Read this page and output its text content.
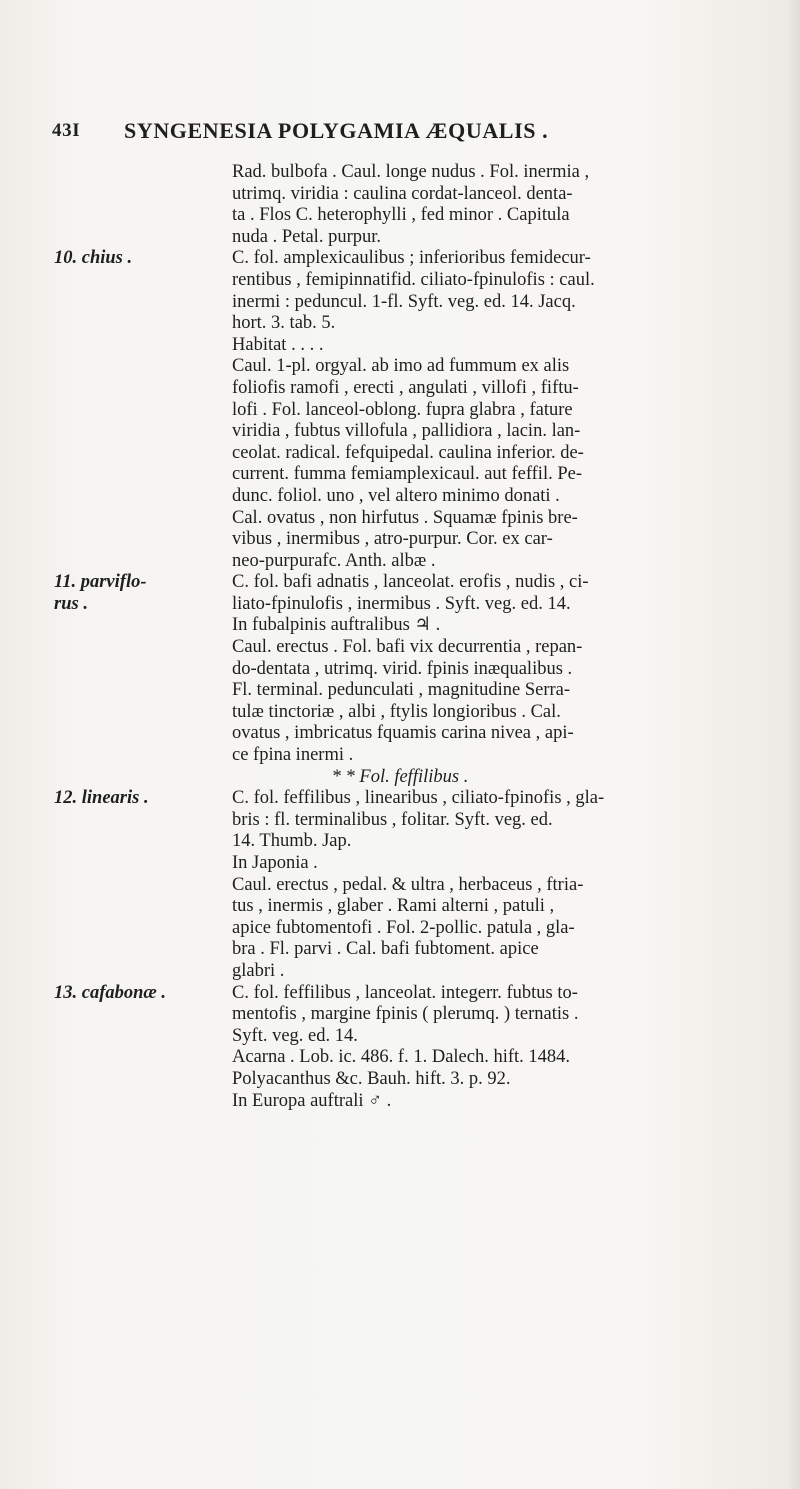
43I SYNGENESIA POLYGAMIA ÆQUALIS .
Rad. bulbofa . Caul. longe nudus . Fol. inermia ,
utrimq. viridia : caulina cordat-lanceol. denta-
ta . Flos C. heterophylli , fed minor . Capitula
nuda . Petal. purpur.
10. chius .	C. fol. amplexicaulibus ; inferioribus femidecur-
rentibus , femipinnatifid. ciliato-fpinulofis : caul.
inermi : peduncul. 1-fl. Syft. veg. ed. 14. Jacq.
hort. 3. tab. 5.
Habitat . . . .
Caul. 1-pl. orgyal. ab imo ad fummum ex alis
foliofis ramofi , erecti , angulati , villofi , fiftu-
lofi . Fol. lanceol-oblong. fupra glabra , fature
viridia , fubtus villofula , pallidiora , lacin. lan-
ceolat. radical. fefquipedal. caulina inferior. de-
current. fumma femiamplexicaul. aut feffil. Pe-
dunc. foliol. uno , vel altero minimo donati .
Cal. ovatus , non hirfutus . Squamæ fpinis bre-
vibus , inermibus , atro-purpur. Cor. ex car-
neo-purpurafc. Anth. albæ .
11. parviflo-	C. fol. bafi adnatis , lanceolat. erofis , nudis , ci-
rus .	liato-fpinulofis , inermibus . Syft. veg. ed. 14.
In fubalpinis auftralibus ♃ .
Caul. erectus . Fol. bafi vix decurrentia , repan-
do-dentata , utrimq. virid. fpinis inæqualibus .
Fl. terminal. pedunculati , magnitudine Serra-
tulæ tinctoriæ , albi , ftylis longioribus . Cal.
ovatus , imbricatus fquamis carina nivea , api-
ce fpina inermi .
* * Fol. feffilibus .
12. linearis .	C. fol. feffilibus , linearibus , ciliato-fpinofis , gla-
bris : fl. terminalibus , folitar. Syft. veg. ed.
14. Thumb. Jap.
In Japonia .
Caul. erectus , pedal. & ultra , herbaceus , ftria-
tus , inermis , glaber . Rami alterni , patuli ,
apice fubtomentofi . Fol. 2-pollic. patula , gla-
bra . Fl. parvi . Cal. bafi fubtoment. apice
glabri .
13. cafabonæ .	C. fol. feffilibus , lanceolat. integerr. fubtus to-
mentofis , margine fpinis ( plerumq. ) ternatis .
Syft. veg. ed. 14.
Acarna . Lob. ic. 486. f. 1. Dalech. hift. 1484.
Polyacanthus &c. Bauh. hift. 3. p. 92.
In Europa auftrali ♂ .
